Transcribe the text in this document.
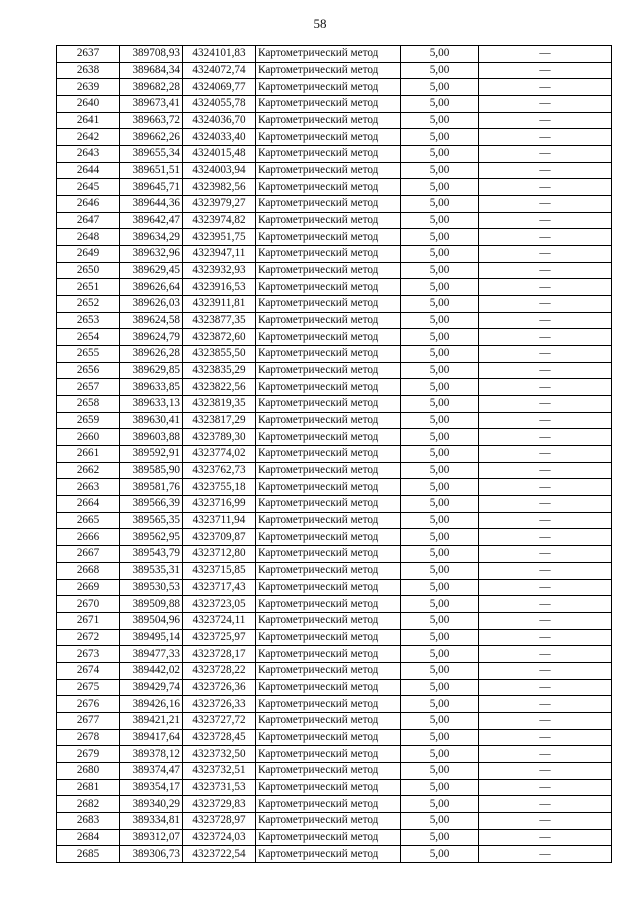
58
2637	389708,93	4324101,83	Картометрический метод	5,00	—
2638	389684,34	4324072,74	Картометрический метод	5,00	—
2639	389682,28	4324069,77	Картометрический метод	5,00	—
2640	389673,41	4324055,78	Картометрический метод	5,00	—
2641	389663,72	4324036,70	Картометрический метод	5,00	—
2642	389662,26	4324033,40	Картометрический метод	5,00	—
2643	389655,34	4324015,48	Картометрический метод	5,00	—
2644	389651,51	4324003,94	Картометрический метод	5,00	—
2645	389645,71	4323982,56	Картометрический метод	5,00	—
2646	389644,36	4323979,27	Картометрический метод	5,00	—
2647	389642,47	4323974,82	Картометрический метод	5,00	—
2648	389634,29	4323951,75	Картометрический метод	5,00	—
2649	389632,96	4323947,11	Картометрический метод	5,00	—
2650	389629,45	4323932,93	Картометрический метод	5,00	—
2651	389626,64	4323916,53	Картометрический метод	5,00	—
2652	389626,03	4323911,81	Картометрический метод	5,00	—
2653	389624,58	4323877,35	Картометрический метод	5,00	—
2654	389624,79	4323872,60	Картометрический метод	5,00	—
2655	389626,28	4323855,50	Картометрический метод	5,00	—
2656	389629,85	4323835,29	Картометрический метод	5,00	—
2657	389633,85	4323822,56	Картометрический метод	5,00	—
2658	389633,13	4323819,35	Картометрический метод	5,00	—
2659	389630,41	4323817,29	Картометрический метод	5,00	—
2660	389603,88	4323789,30	Картометрический метод	5,00	—
2661	389592,91	4323774,02	Картометрический метод	5,00	—
2662	389585,90	4323762,73	Картометрический метод	5,00	—
2663	389581,76	4323755,18	Картометрический метод	5,00	—
2664	389566,39	4323716,99	Картометрический метод	5,00	—
2665	389565,35	4323711,94	Картометрический метод	5,00	—
2666	389562,95	4323709,87	Картометрический метод	5,00	—
2667	389543,79	4323712,80	Картометрический метод	5,00	—
2668	389535,31	4323715,85	Картометрический метод	5,00	—
2669	389530,53	4323717,43	Картометрический метод	5,00	—
2670	389509,88	4323723,05	Картометрический метод	5,00	—
2671	389504,96	4323724,11	Картометрический метод	5,00	—
2672	389495,14	4323725,97	Картометрический метод	5,00	—
2673	389477,33	4323728,17	Картометрический метод	5,00	—
2674	389442,02	4323728,22	Картометрический метод	5,00	—
2675	389429,74	4323726,36	Картометрический метод	5,00	—
2676	389426,16	4323726,33	Картометрический метод	5,00	—
2677	389421,21	4323727,72	Картометрический метод	5,00	—
2678	389417,64	4323728,45	Картометрический метод	5,00	—
2679	389378,12	4323732,50	Картометрический метод	5,00	—
2680	389374,47	4323732,51	Картометрический метод	5,00	—
2681	389354,17	4323731,53	Картометрический метод	5,00	—
2682	389340,29	4323729,83	Картометрический метод	5,00	—
2683	389334,81	4323728,97	Картометрический метод	5,00	—
2684	389312,07	4323724,03	Картометрический метод	5,00	—
2685	389306,73	4323722,54	Картометрический метод	5,00	—
